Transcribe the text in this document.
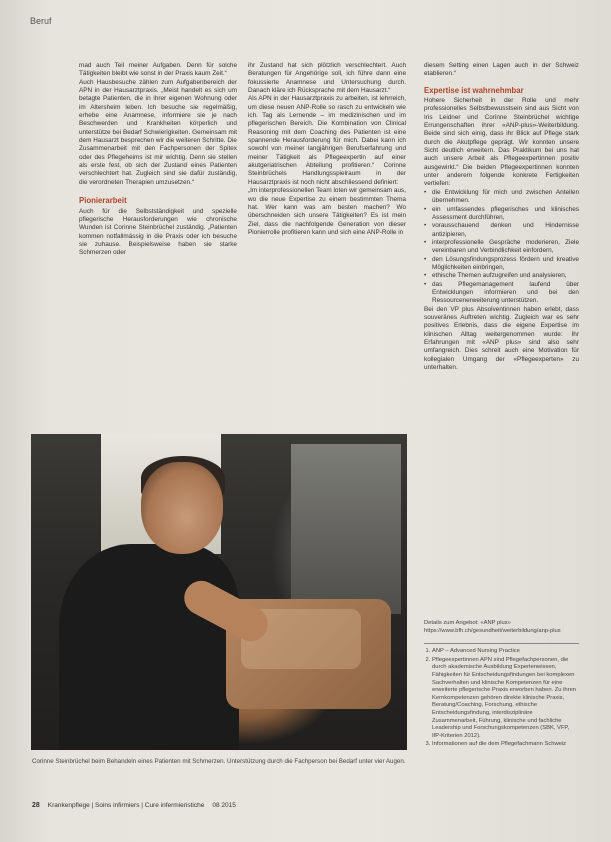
Beruf

mad auch Teil meiner Aufgaben. Denn für solche Tätigkeiten bleibt wie sonst in der Praxis kaum Zeit.“

Auch Hausbesuche zählen zum Aufgabenbereich der APN in der Hausarztpraxis. „Meist handelt es sich um betagte Patienten, die in ihrer eigenen Wohnung oder im Altersheim leben. Ich besuche sie regelmäßig, erhebe eine Anamnese, informiere sie je nach Beschwerden und Krankheiten körperlich und unterstütze bei Bedarf Schwierigkeiten. Gemeinsam mit dem Hausarzt besprechen wir die weiteren Schritte. Die Zusammenarbeit mit den Fachpersonen der Spitex oder des Pflegeheims ist mir wichtig. Denn sie stellen als erste fest, ob sich der Zustand eines Patienten verschlechtert hat. Zugleich sind sie dafür zuständig, die verordneten Therapien umzusetzen.“

Pionierarbeit

Auch für die Selbstständigkeit und spezielle pflegerische Herausforderungen wie chronische Wunden ist Corinne Steinbrüchel zuständig. „Patienten kommen notfallmässig in die Praxis oder ich besuche sie zuhause. Beispielsweise haben sie starke Schmerzen oder

ihr Zustand hat sich plötzlich verschlechtert. Auch Beratungen für Angehörige soll, ich führe dann eine fokussierte Anamnese und Untersuchung durch. Danach kläre ich Rücksprache mit dem Hausarzt.“

Als APN in der Hausarztpraxis zu arbeiten, ist lehrreich, um diese neuen ANP-Rolle so rasch zu entwickeln wie ich. Tag als Lernende – im medizinischen und im pflegerischen Bereich. Die Kombination von Clinical Reasoning mit dem Coaching des Patienten ist eine spannende Herausforderung für mich. Dabei kann ich sowohl von meiner langjährigen Berufserfahrung und meiner Tätigkeit als Pflegeexpertin auf einer akutgeriatrischen Abteilung profitieren.“ Corinne Steinbrüchels Handlungsspielraum in der Hausarztpraxis ist noch nicht abschliessend definiert:

„Im interprofessionellen Team loten wir gemeinsam aus, wo die neue Expertise zu einem bestimmten Thema hat. Wer kann was am besten machen? Wo überschneiden sich unsere Tätigkeiten? Es ist mein Ziel, dass die nachfolgende Generation von dieser Pionierrolle profitieren kann und sich eine ANP-Rolle in

diesem Setting einen Lagen auch in der Schweiz etablieren.“

Expertise ist wahrnehmbar

Hohere Sicherheit in der Rolle und mehr professionelles Selbstbewusstsein sind aus Sicht von Iris Leidner und Corinne Steinbrüchel wichtige Errungenschaften ihrer «ANP-plus»-Weiterbildung. Beide sind sich einig, dass ihr Blick auf Pflege stark durch die Akutpflege geprägt. Wir konnten unsere Sicht deutlich erweitern. Das Praktikum bei uns hat auch unsere Arbeit als Pflegeexpertinnen positiv ausgewirkt.“ Die beiden Pflegeexpertinnen konnten unter anderem folgende konkrete Fertigkeiten vertiefen:

• die Entwicklung für mich und zwischen Anteilen übernehmen.
• ein umfassendes pflegerisches und klinisches Assessment durchführen,
• vorausschauend denken und Hindernisse antizipieren,
• interprofessionelle Gespräche moderieren, Ziele vereinbaren und Verbindlichkeit einfordern,
• den Lösungsfindungsprozess fördern und kreative Möglichkeiten einbringen,
• ethische Themen aufzugreifen und analysieren,
• das Pflegemanagement laufend über Entwicklungen informieren und bei den Ressourcenerweiterung unterstützen.

Bei den VP plus Absolventinnen haben erlebt, dass souveränes Auftreten wichtig. Zugleich war es sehr positives Erlebnis, dass die eigene Expertise im klinischen Alltag weitergenommen wurde: Ihr Erfahrungen mit «ANP plus» sind also sehr umfangreich. Dies schreit auch eine Motivation für kollegialen Umgang der «Pflegeexperten» zu unterhalten.

Corinne Steinbrüchel beim Behandeln eines Patienten mit Schmerzen. Unterstützung durch die Fachperson bei Bedarf unter vier Augen.
Details zum Angebot: «ANP plus» https://www.bfh.ch/gesundheit/weiterbildung/anp-plus
1. ANP – Advanced Nursing Practice
2. Pflegeexpertinnen APN sind Pflegefachpersonen, die durch akademische Ausbildung Expertenwissen, Fähigkeiten für Entscheidungsfindungen bei komplexen Sachverhalten und klinische Kompetenzen für eine erweiterte pflegerische Praxis erworben haben. Zu ihren Kernkompetenzen gehören direkte klinische Praxis, Beratung/Coaching, Forschung, ethische Entscheidungsfindung, interdisziplinäre Zusammenarbeit, Führung, klinische und fachliche Leadership und Forschungskompetenzen (SBK, VFP, IfP-Kriterien 2012).
3. Informationen auf die dem Pflegefachmann Schweiz
28 Krankenpflege | Soins infirmiers | Cure infermieristiche 08 2015
